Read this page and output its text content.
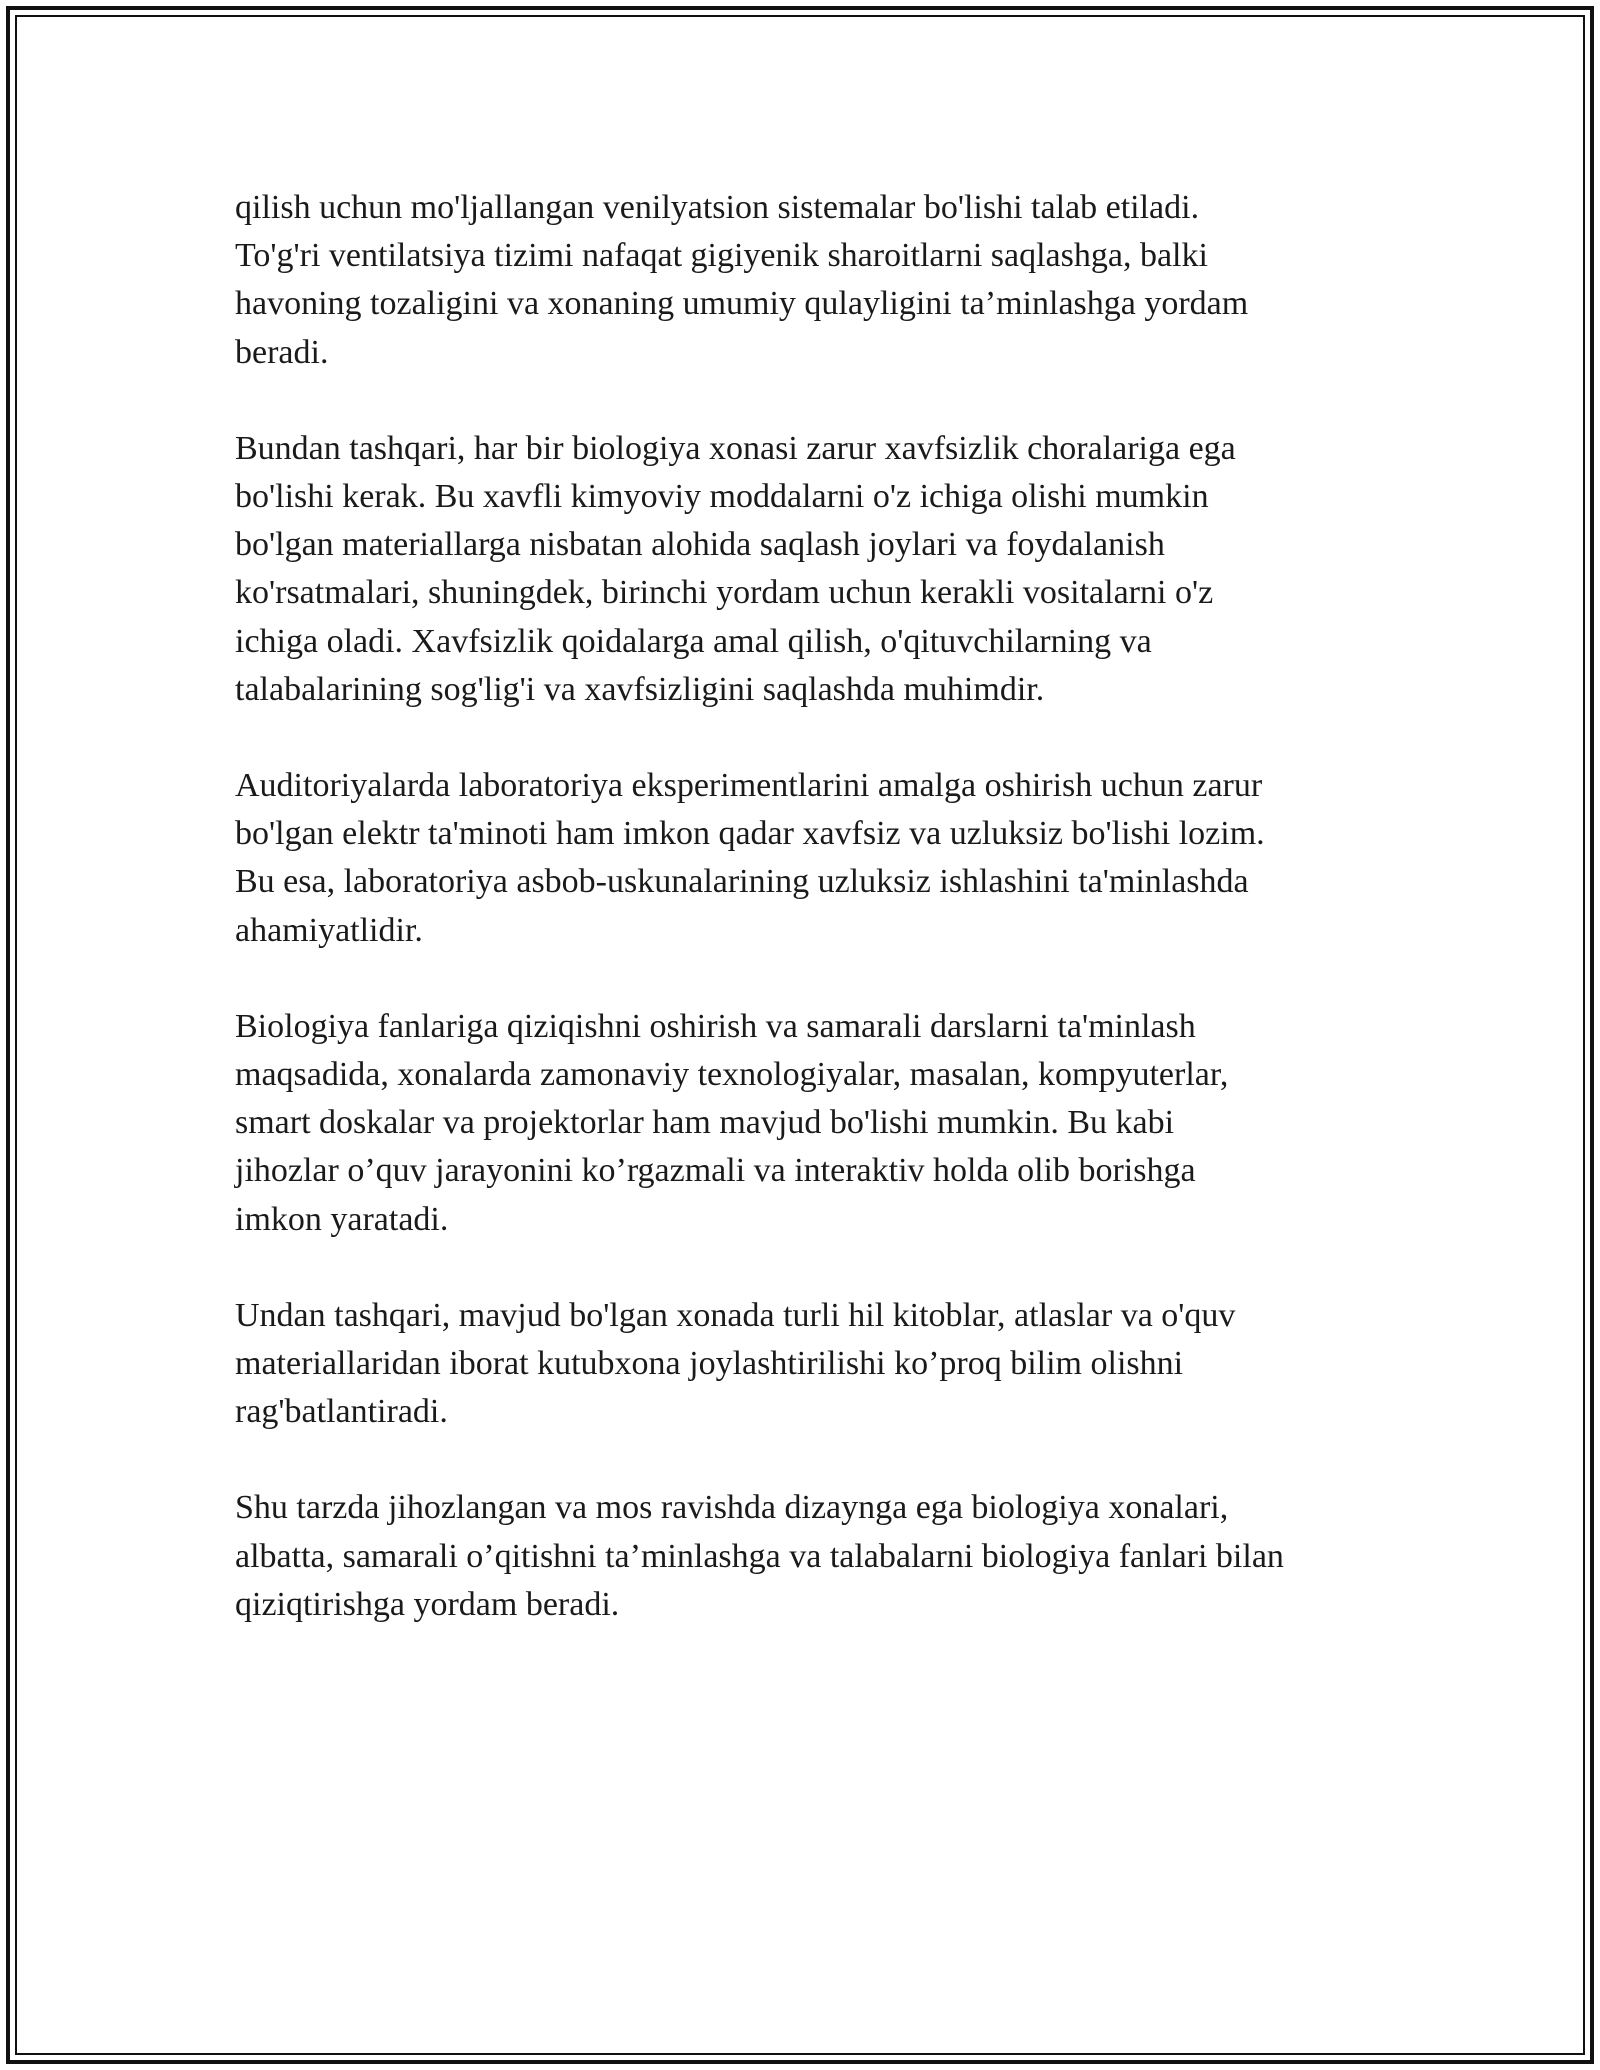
qilish uchun mo'ljallangan venilyatsion sistemalar bo'lishi talab etiladi.
To'g'ri ventilatsiya tizimi nafaqat gigiyenik sharoitlarni saqlashga, balki
havoning tozaligini va xonaning umumiy qulayligini ta’minlashga yordam
beradi.

Bundan tashqari, har bir biologiya xonasi zarur xavfsizlik choralariga ega
bo'lishi kerak. Bu xavfli kimyoviy moddalarni o'z ichiga olishi mumkin
bo'lgan materiallarga nisbatan alohida saqlash joylari va foydalanish
ko'rsatmalari, shuningdek, birinchi yordam uchun kerakli vositalarni o'z
ichiga oladi. Xavfsizlik qoidalarga amal qilish, o'qituvchilarning va
talabalarining sog'lig'i va xavfsizligini saqlashda muhimdir.

Auditoriyalarda laboratoriya eksperimentlarini amalga oshirish uchun zarur
bo'lgan elektr ta'minoti ham imkon qadar xavfsiz va uzluksiz bo'lishi lozim.
Bu esa, laboratoriya asbob-uskunalarining uzluksiz ishlashini ta'minlashda
ahamiyatlidir.

Biologiya fanlariga qiziqishni oshirish va samarali darslarni ta'minlash
maqsadida, xonalarda zamonaviy texnologiyalar, masalan, kompyuterlar,
smart doskalar va projektorlar ham mavjud bo'lishi mumkin. Bu kabi
jihozlar o’quv jarayonini ko’rgazmali va interaktiv holda olib borishga
imkon yaratadi.

Undan tashqari, mavjud bo'lgan xonada turli hil kitoblar, atlaslar va o'quv
materiallaridan iborat kutubxona joylashtirilishi ko’proq bilim olishni
rag'batlantiradi.

Shu tarzda jihozlangan va mos ravishda dizaynga ega biologiya xonalari,
albatta, samarali o’qitishni ta’minlashga va talabalarni biologiya fanlari bilan
qiziqtirishga yordam beradi.
